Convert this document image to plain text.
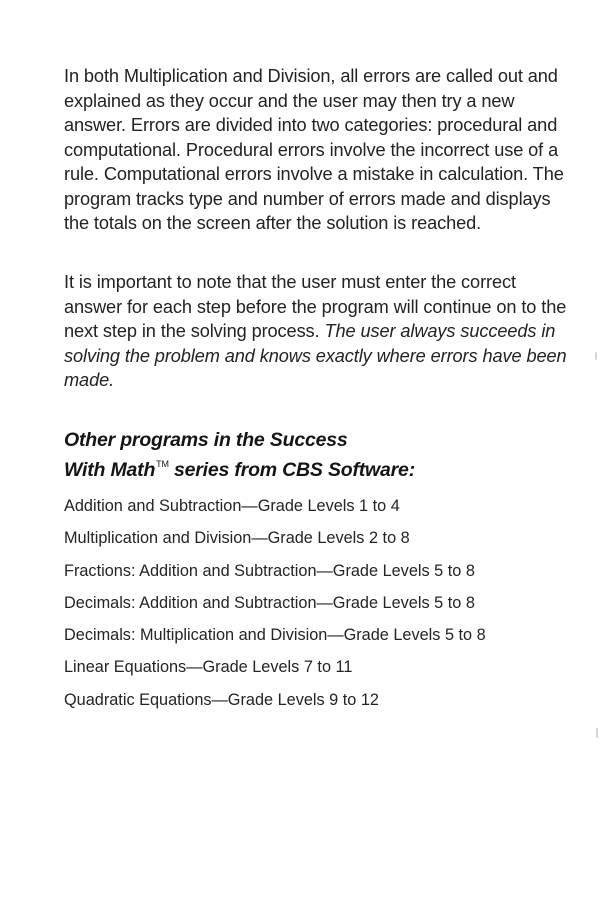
In both Multiplication and Division, all errors are called out and explained as they occur and the user may then try a new answer. Errors are divided into two categories: procedural and computational. Procedural errors involve the incorrect use of a rule. Computational errors involve a mistake in calculation. The program tracks type and number of errors made and displays the totals on the screen after the solution is reached.

It is important to note that the user must enter the correct answer for each step before the program will continue on to the next step in the solving process. The user always succeeds in solving the problem and knows exactly where errors have been made.

Other programs in the Success
With Math™ series from CBS Software:
Addition and Subtraction—Grade Levels 1 to 4
Multiplication and Division—Grade Levels 2 to 8
Fractions: Addition and Subtraction—Grade Levels 5 to 8
Decimals: Addition and Subtraction—Grade Levels 5 to 8
Decimals: Multiplication and Division—Grade Levels 5 to 8
Linear Equations—Grade Levels 7 to 11
Quadratic Equations—Grade Levels 9 to 12
